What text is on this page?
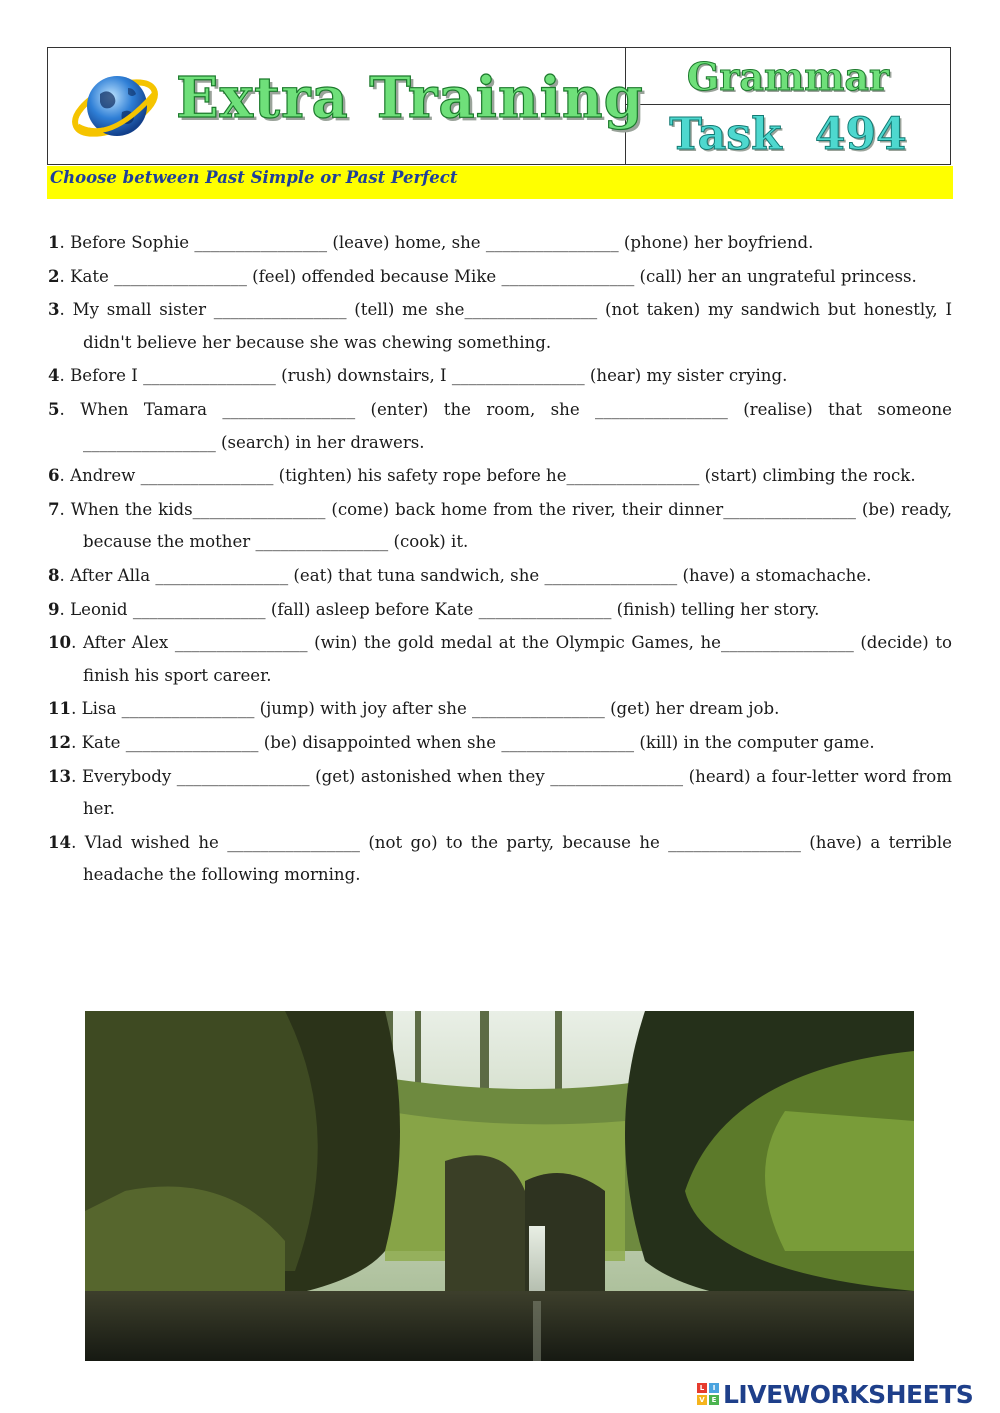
Extra Training Grammar
Task 494
Choose between Past Simple or Past Perfect
1. Before Sophie ________________ (leave) home, she ________________ (phone) her boyfriend.
2. Kate ________________ (feel) offended because Mike ________________ (call) her an ungrateful princess.
3. My small sister ________________ (tell) me she________________ (not taken) my sandwich but honestly, I didn't believe her because she was chewing something.
4. Before I ________________ (rush) downstairs, I ________________ (hear) my sister crying.
5. When Tamara ________________ (enter) the room, she ________________ (realise) that someone ________________ (search) in her drawers.
6. Andrew ________________ (tighten) his safety rope before he________________ (start) climbing the rock.
7. When the kids________________ (come) back home from the river, their dinner________________ (be) ready, because the mother ________________ (cook) it.
8. After Alla ________________ (eat) that tuna sandwich, she ________________ (have) a stomachache.
9. Leonid ________________ (fall) asleep before Kate ________________ (finish) telling her story.
10. After Alex ________________ (win) the gold medal at the Olympic Games, he________________ (decide) to finish his sport career.
11. Lisa ________________ (jump) with joy after she ________________ (get) her dream job.
12. Kate ________________ (be) disappointed when she ________________ (kill) in the computer game.
13. Everybody ________________ (get) astonished when they ________________ (heard) a four-letter word from her.
14. Vlad wished he ________________ (not go) to the party, because he ________________ (have) a terrible headache the following morning.
L	I
V E LIVEWORKSHEETS
